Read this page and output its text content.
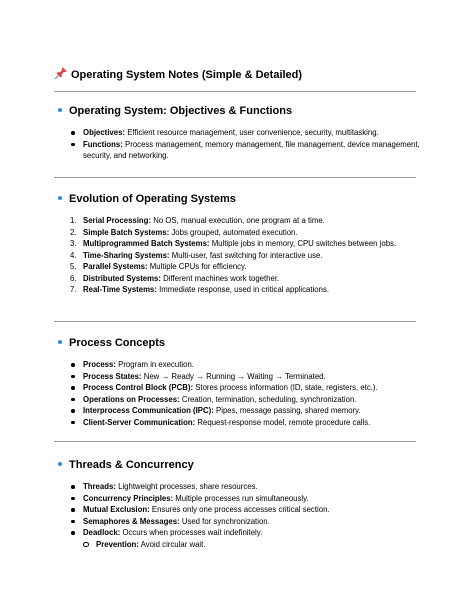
Operating System Notes (Simple & Detailed)
Operating System: Objectives & Functions
Objectives: Efficient resource management, user convenience, security, multitasking.
Functions: Process management, memory management, file management, device management, security, and networking.
Evolution of Operating Systems
1. Serial Processing: No OS, manual execution, one program at a time.
2. Simple Batch Systems: Jobs grouped, automated execution.
3. Multiprogrammed Batch Systems: Multiple jobs in memory, CPU switches between jobs.
4. Time-Sharing Systems: Multi-user, fast switching for interactive use.
5. Parallel Systems: Multiple CPUs for efficiency.
6. Distributed Systems: Different machines work together.
7. Real-Time Systems: Immediate response, used in critical applications.
Process Concepts
Process: Program in execution.
Process States: New → Ready → Running → Waiting → Terminated.
Process Control Block (PCB): Stores process information (ID, state, registers, etc.).
Operations on Processes: Creation, termination, scheduling, synchronization.
Interprocess Communication (IPC): Pipes, message passing, shared memory.
Client-Server Communication: Request-response model, remote procedure calls.
Threads & Concurrency
Threads: Lightweight processes, share resources.
Concurrency Principles: Multiple processes run simultaneously.
Mutual Exclusion: Ensures only one process accesses critical section.
Semaphores & Messages: Used for synchronization.
Deadlock: Occurs when processes wait indefinitely.
Prevention: Avoid circular wait.
